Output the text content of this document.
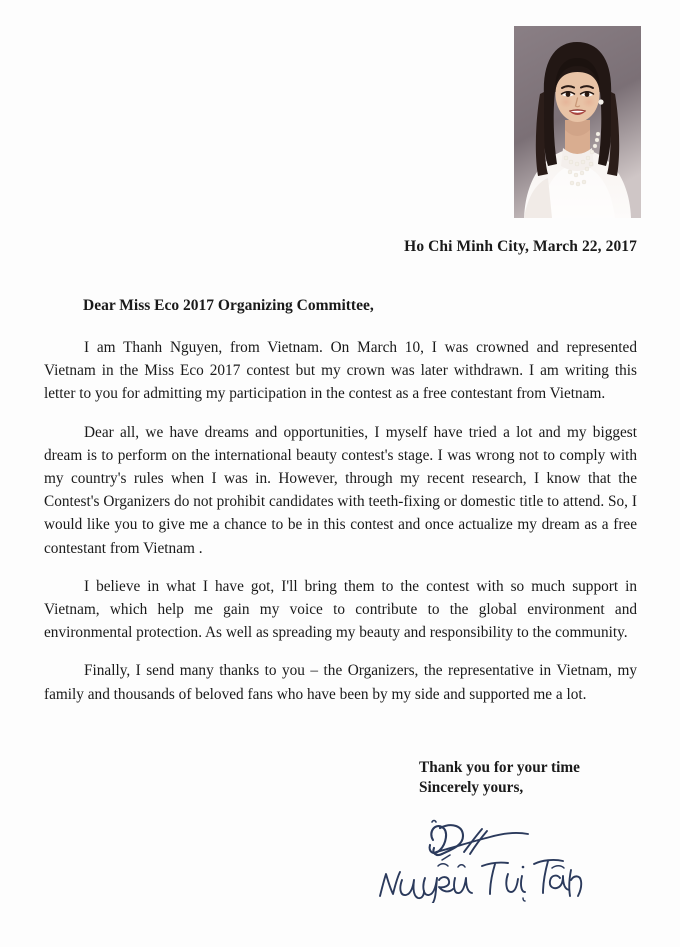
Ho Chi Minh City, March 22, 2017
Dear Miss Eco 2017 Organizing Committee,

I am Thanh Nguyen, from Vietnam. On March 10, I was crowned and represented Vietnam in the Miss Eco 2017 contest but my crown was later withdrawn. I am writing this letter to you for admitting my participation in the contest as a free contestant from Vietnam.

Dear all, we have dreams and opportunities, I myself have tried a lot and my biggest dream is to perform on the international beauty contest's stage. I was wrong not to comply with my country's rules when I was in. However, through my recent research, I know that the Contest's Organizers do not prohibit candidates with teeth-fixing or domestic title to attend. So, I would like you to give me a chance to be in this contest and once actualize my dream as a free contestant from Vietnam .

I believe in what I have got, I'll bring them to the contest with so much support in Vietnam, which help me gain my voice to contribute to the global environment and environmental protection. As well as spreading my beauty and responsibility to the community.

Finally, I send many thanks to you – the Organizers, the representative in Vietnam, my family and thousands of beloved fans who have been by my side and supported me a lot.

Thank you for your time
Sincerely yours,
